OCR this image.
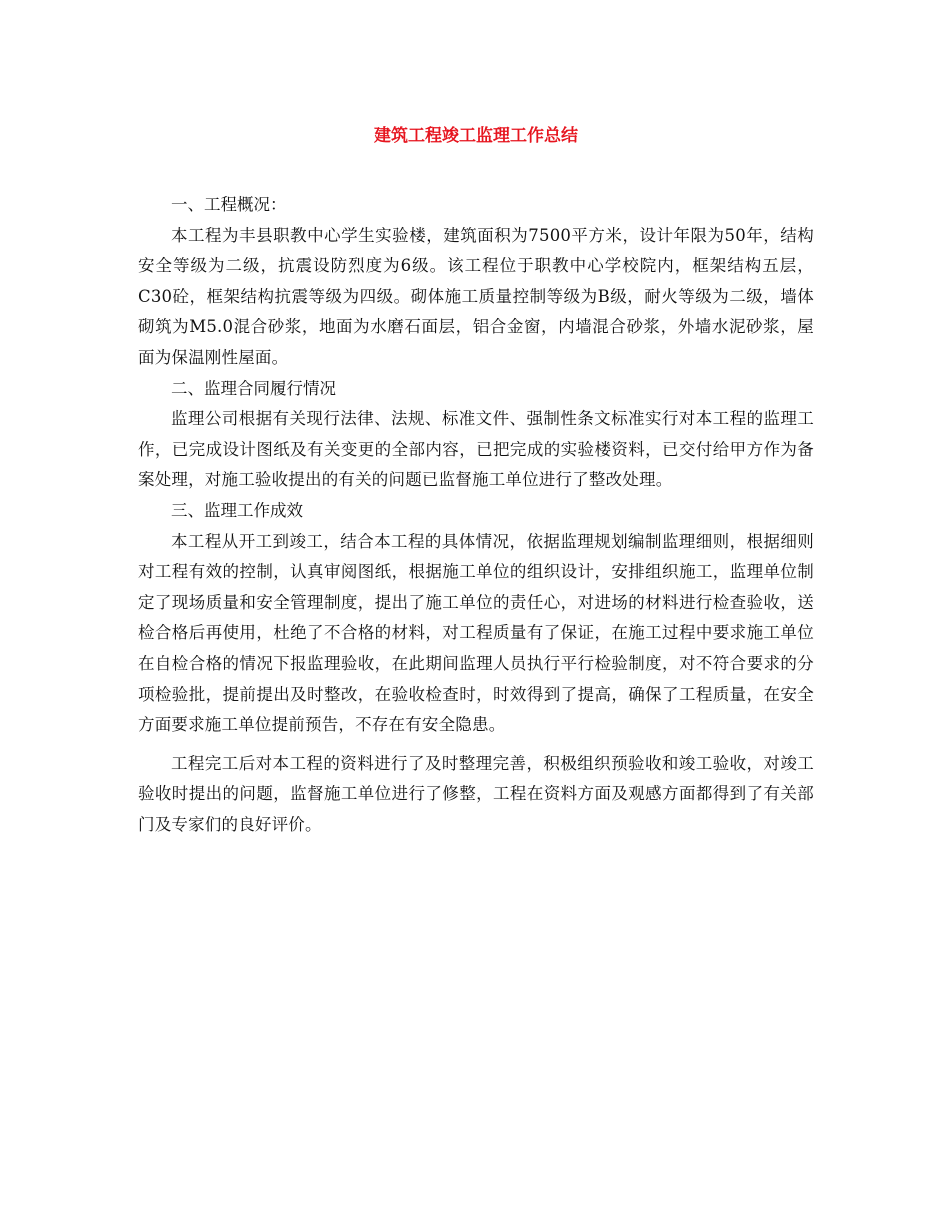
建筑工程竣工监理工作总结

一、工程概况：

本工程为丰县职教中心学生实验楼，建筑面积为7500平方米，设计年限为50年，结构安全等级为二级，抗震设防烈度为6级。该工程位于职教中心学校院内，框架结构五层，C30砼，框架结构抗震等级为四级。砌体施工质量控制等级为B级，耐火等级为二级，墙体砌筑为M5.0混合砂浆，地面为水磨石面层，铝合金窗，内墙混合砂浆，外墙水泥砂浆，屋面为保温刚性屋面。

二、监理合同履行情况

监理公司根据有关现行法律、法规、标准文件、强制性条文标准实行对本工程的监理工作，已完成设计图纸及有关变更的全部内容，已把完成的实验楼资料，已交付给甲方作为备案处理，对施工验收提出的有关的问题已监督施工单位进行了整改处理。

三、监理工作成效

本工程从开工到竣工，结合本工程的具体情况，依据监理规划编制监理细则，根据细则对工程有效的控制，认真审阅图纸，根据施工单位的组织设计，安排组织施工，监理单位制定了现场质量和安全管理制度，提出了施工单位的责任心，对进场的材料进行检查验收，送检合格后再使用，杜绝了不合格的材料，对工程质量有了保证，在施工过程中要求施工单位在自检合格的情况下报监理验收，在此期间监理人员执行平行检验制度，对不符合要求的分项检验批，提前提出及时整改，在验收检查时，时效得到了提高，确保了工程质量，在安全方面要求施工单位提前预告，不存在有安全隐患。

工程完工后对本工程的资料进行了及时整理完善，积极组织预验收和竣工验收，对竣工验收时提出的问题，监督施工单位进行了修整，工程在资料方面及观感方面都得到了有关部门及专家们的良好评价。
